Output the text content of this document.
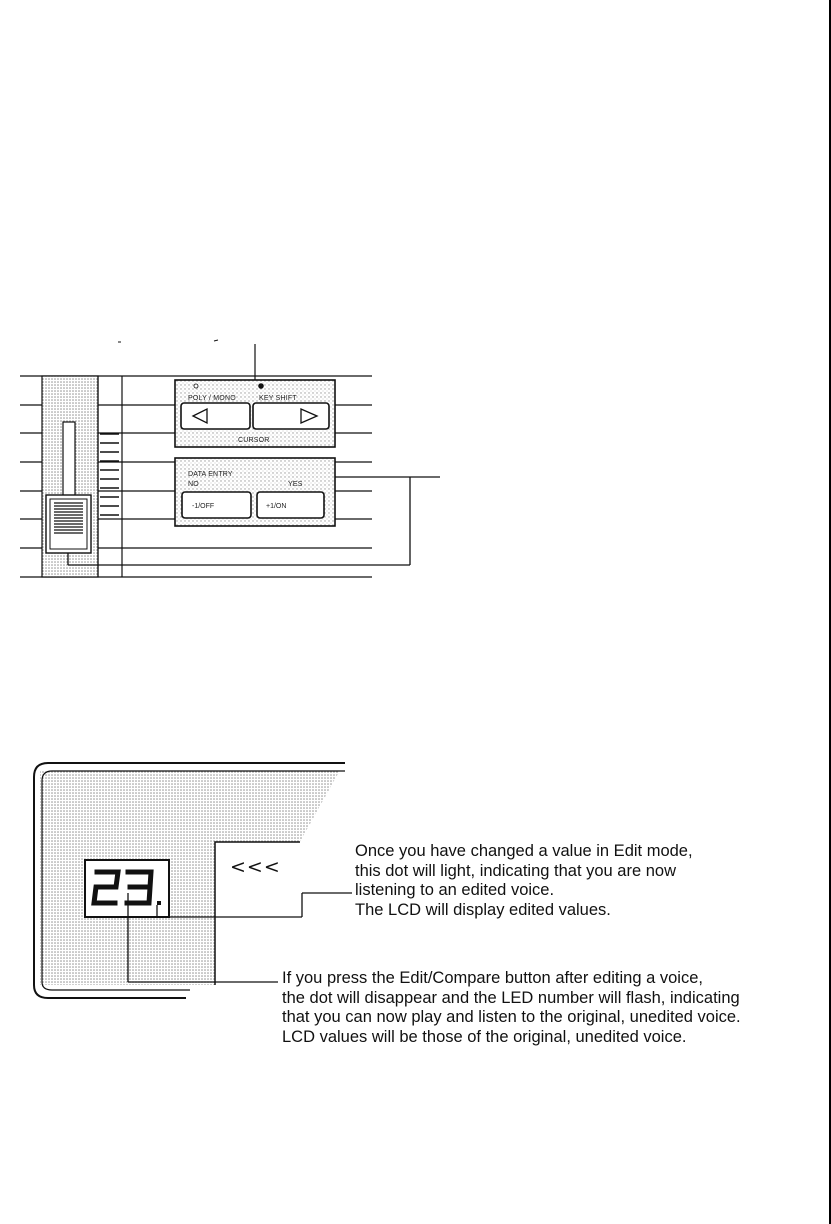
POLY / MONO	KEY SHIFT
CURSOR
DATA ENTRY
NO	YES
-1/OFF	+1/ON
<<<
Once you have changed a value in Edit mode,
this dot will light, indicating that you are now
listening to an edited voice.
The LCD will display edited values.
If you press the Edit/Compare button after editing a voice,
the dot will disappear and the LED number will flash, indicating
that you can now play and listen to the original, unedited voice.
LCD values will be those of the original, unedited voice.
